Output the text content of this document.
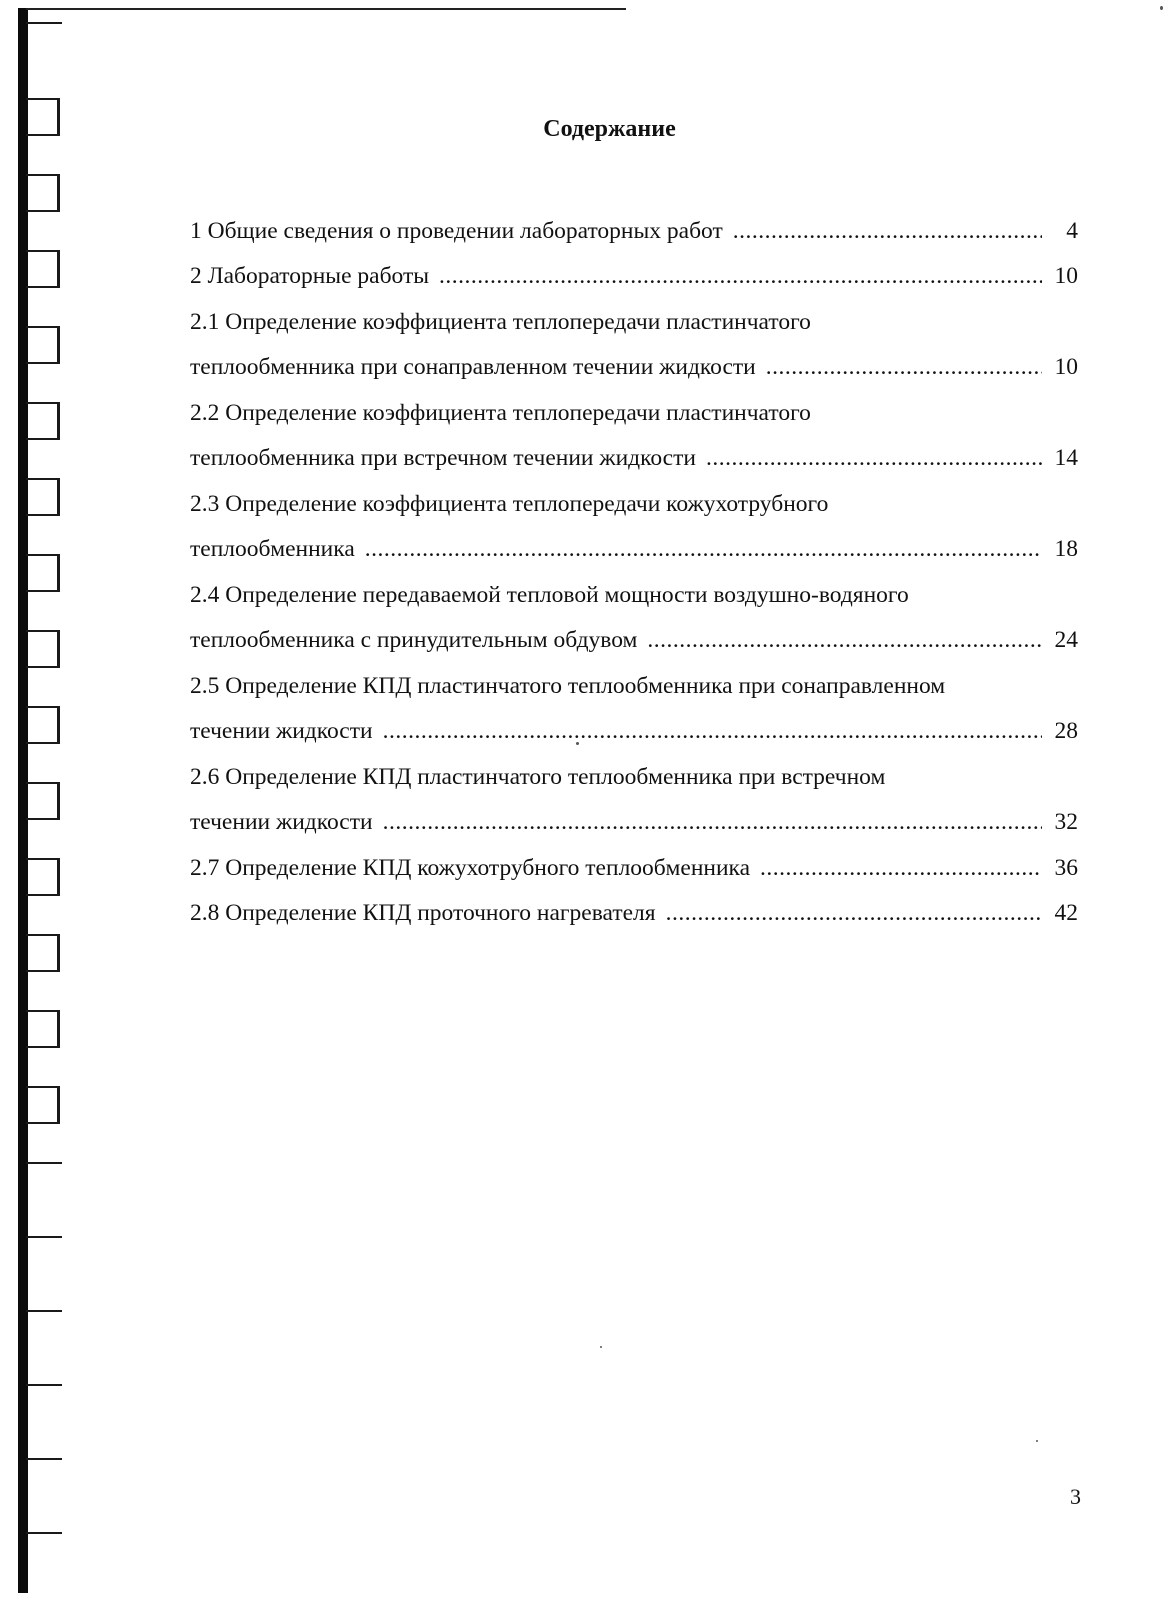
Содержание
1 Общие сведения о проведении лабораторных работ .....	4
2 Лабораторные работы .....	10
2.1 Определение коэффициента теплопередачи пластинчатого
теплообменника при сонаправленном течении жидкости .....	10
2.2 Определение коэффициента теплопередачи пластинчатого
теплообменника при встречном течении жидкости .....	14
2.3 Определение коэффициента теплопередачи кожухотрубного
теплообменника .....	18
2.4 Определение передаваемой тепловой мощности воздушно-водяного
теплообменника с принудительным обдувом .....	24
2.5 Определение КПД пластинчатого теплообменника при сонаправленном
течении жидкости .....	28
2.6 Определение КПД пластинчатого теплообменника при встречном
течении жидкости .....	32
2.7 Определение КПД кожухотрубного теплообменника .....	36
2.8 Определение КПД проточного нагревателя .....	42
3
